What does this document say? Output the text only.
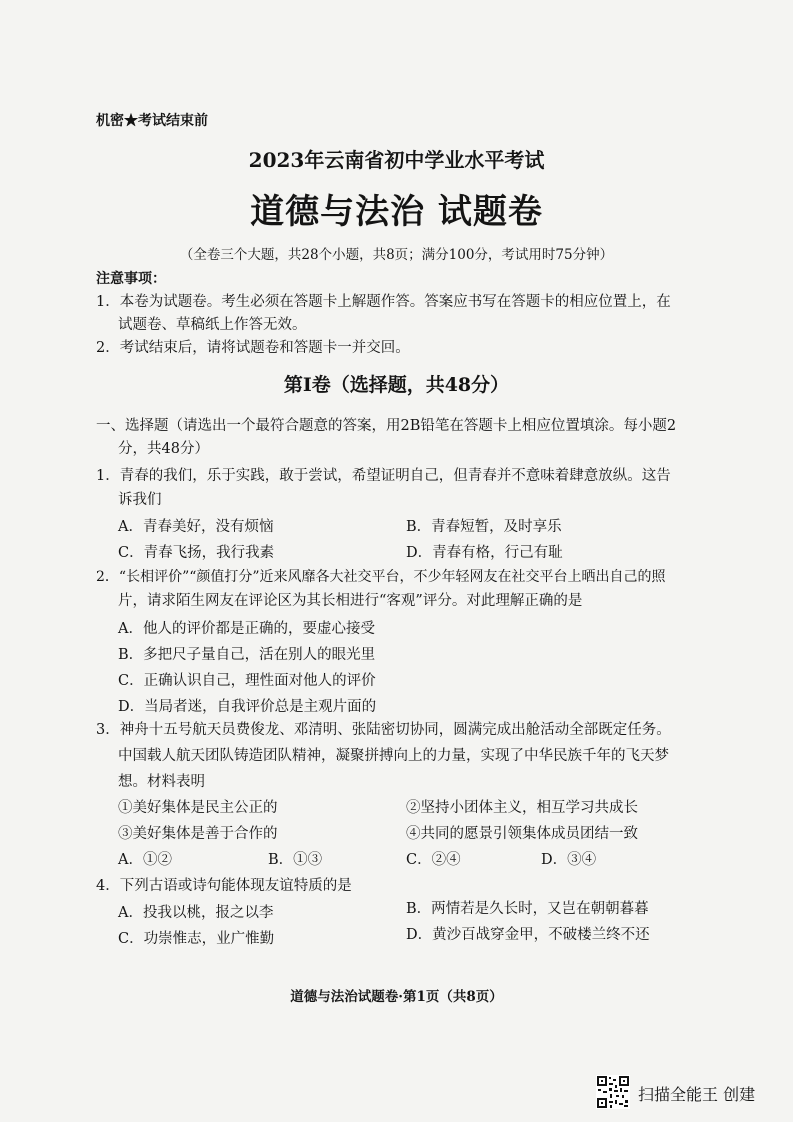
机密★考试结束前
2023年云南省初中学业水平考试
道德与法治 试题卷
（全卷三个大题，共28个小题，共8页；满分100分，考试用时75分钟）
注意事项：
1．本卷为试题卷。考生必须在答题卡上解题作答。答案应书写在答题卡的相应位置上，在
试题卷、草稿纸上作答无效。
2．考试结束后，请将试题卷和答题卡一并交回。
第Ⅰ卷（选择题，共48分）
一、选择题（请选出一个最符合题意的答案，用2B铅笔在答题卡上相应位置填涂。每小题2
分，共48分）
1．青春的我们，乐于实践，敢于尝试，希望证明自己，但青春并不意味着肆意放纵。这告
诉我们
A．青春美好，没有烦恼	B．青春短暂，及时享乐
C．青春飞扬，我行我素	D．青春有格，行己有耻
2．“长相评价”“颜值打分”近来风靡各大社交平台，不少年轻网友在社交平台上晒出自己的照
片，请求陌生网友在评论区为其长相进行“客观”评分。对此理解正确的是
A．他人的评价都是正确的，要虚心接受
B．多把尺子量自己，活在别人的眼光里
C．正确认识自己，理性面对他人的评价
D．当局者迷，自我评价总是主观片面的
3．神舟十五号航天员费俊龙、邓清明、张陆密切协同，圆满完成出舱活动全部既定任务。
中国载人航天团队铸造团队精神，凝聚拼搏向上的力量，实现了中华民族千年的飞天梦
想。材料表明
①美好集体是民主公正的	②坚持小团体主义，相互学习共成长
③美好集体是善于合作的	④共同的愿景引领集体成员团结一致
A．①②	B．①③	C．②④	D．③④
4．下列古语或诗句能体现友谊特质的是
A．投我以桃，报之以李	B．两情若是久长时，又岂在朝朝暮暮
C．功崇惟志，业广惟勤	D．黄沙百战穿金甲，不破楼兰终不还
道德与法治试题卷·第1页（共8页）
扫描全能王 创建
